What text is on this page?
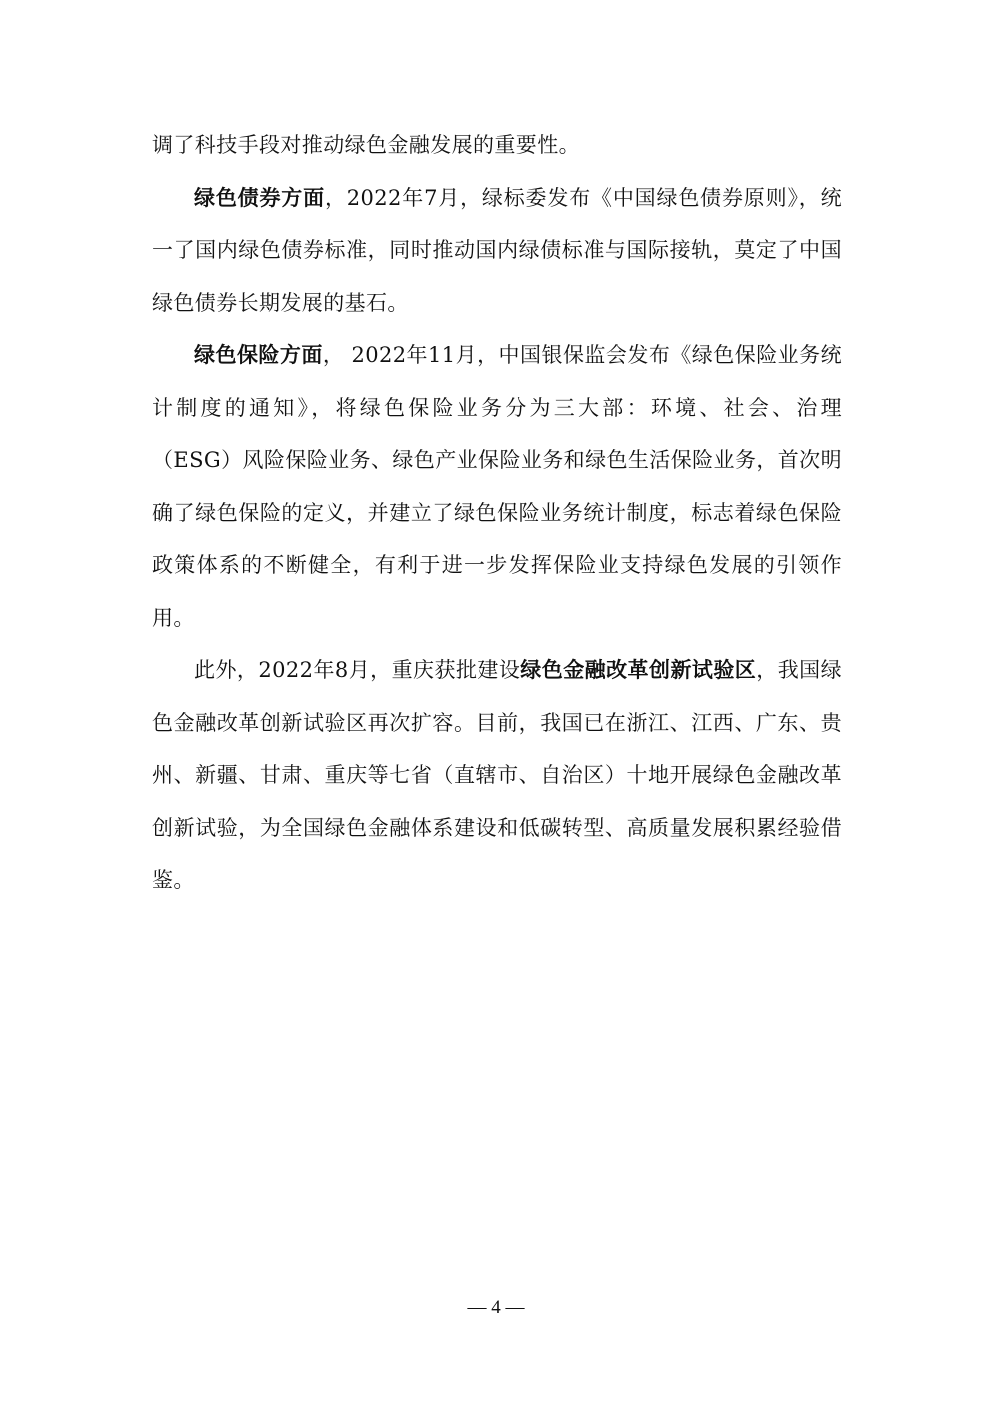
调了科技手段对推动绿色金融发展的重要性。

绿色债券方面，2022年7月，绿标委发布《中国绿色债券原则》，统一了国内绿色债券标准，同时推动国内绿债标准与国际接轨，莫定了中国绿色债券长期发展的基石。

绿色保险方面， 2022年11月，中国银保监会发布《绿色保险业务统计制度的通知》，将绿色保险业务分为三大部：环境、社会、治理（ESG）风险保险业务、绿色产业保险业务和绿色生活保险业务，首次明确了绿色保险的定义，并建立了绿色保险业务统计制度，标志着绿色保险政策体系的不断健全，有利于进一步发挥保险业支持绿色发展的引领作用。

此外，2022年8月，重庆获批建设绿色金融改革创新试验区，我国绿色金融改革创新试验区再次扩容。目前，我国已在浙江、江西、广东、贵州、新疆、甘肃、重庆等七省（直辖市、自治区）十地开展绿色金融改革创新试验，为全国绿色金融体系建设和低碳转型、高质量发展积累经验借鉴。

— 4 —
